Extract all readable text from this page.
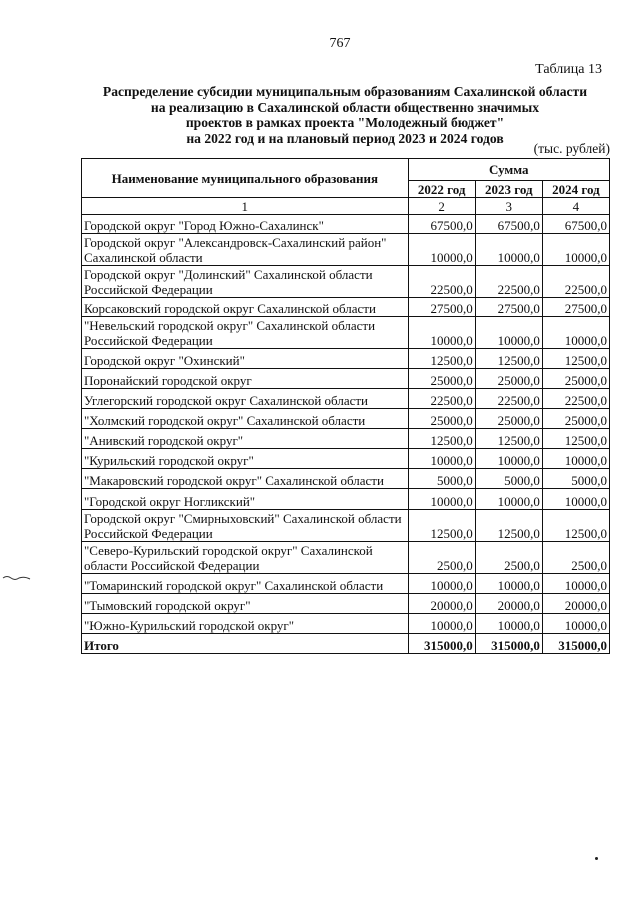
767
Таблица 13
Распределение субсидии муниципальным образованиям Сахалинской области
на реализацию в Сахалинской области общественно значимых
проектов в рамках проекта "Молодежный бюджет"
на 2022 год и на плановый период 2023 и 2024 годов
(тыс. рублей)
Наименование муниципального образования	Сумма		
	2022 год	2023 год	2024 год
1	2	3	4
Городской округ "Город Южно-Сахалинск"	67500,0	67500,0	67500,0
Городской округ "Александровск-Сахалинский район" Сахалинской области	10000,0	10000,0	10000,0
Городской округ "Долинский" Сахалинской области Российской Федерации	22500,0	22500,0	22500,0
Корсаковский городской округ Сахалинской области	27500,0	27500,0	27500,0
"Невельский городской округ" Сахалинской области Российской Федерации	10000,0	10000,0	10000,0
Городской округ "Охинский"	12500,0	12500,0	12500,0
Поронайский городской округ	25000,0	25000,0	25000,0
Углегорский городской округ Сахалинской области	22500,0	22500,0	22500,0
"Холмский городской округ" Сахалинской области	25000,0	25000,0	25000,0
"Анивский городской округ"	12500,0	12500,0	12500,0
"Курильский городской округ"	10000,0	10000,0	10000,0
"Макаровский городской округ" Сахалинской области	5000,0	5000,0	5000,0
"Городской округ Ногликский"	10000,0	10000,0	10000,0
Городской округ "Смирныховский" Сахалинской области Российской Федерации	12500,0	12500,0	12500,0
"Северо-Курильский городской округ" Сахалинской области Российской Федерации	2500,0	2500,0	2500,0
"Томаринский городской округ" Сахалинской области	10000,0	10000,0	10000,0
"Тымовский городской округ"	20000,0	20000,0	20000,0
"Южно-Курильский городской округ"	10000,0	10000,0	10000,0
Итого	315000,0	315000,0	315000,0
